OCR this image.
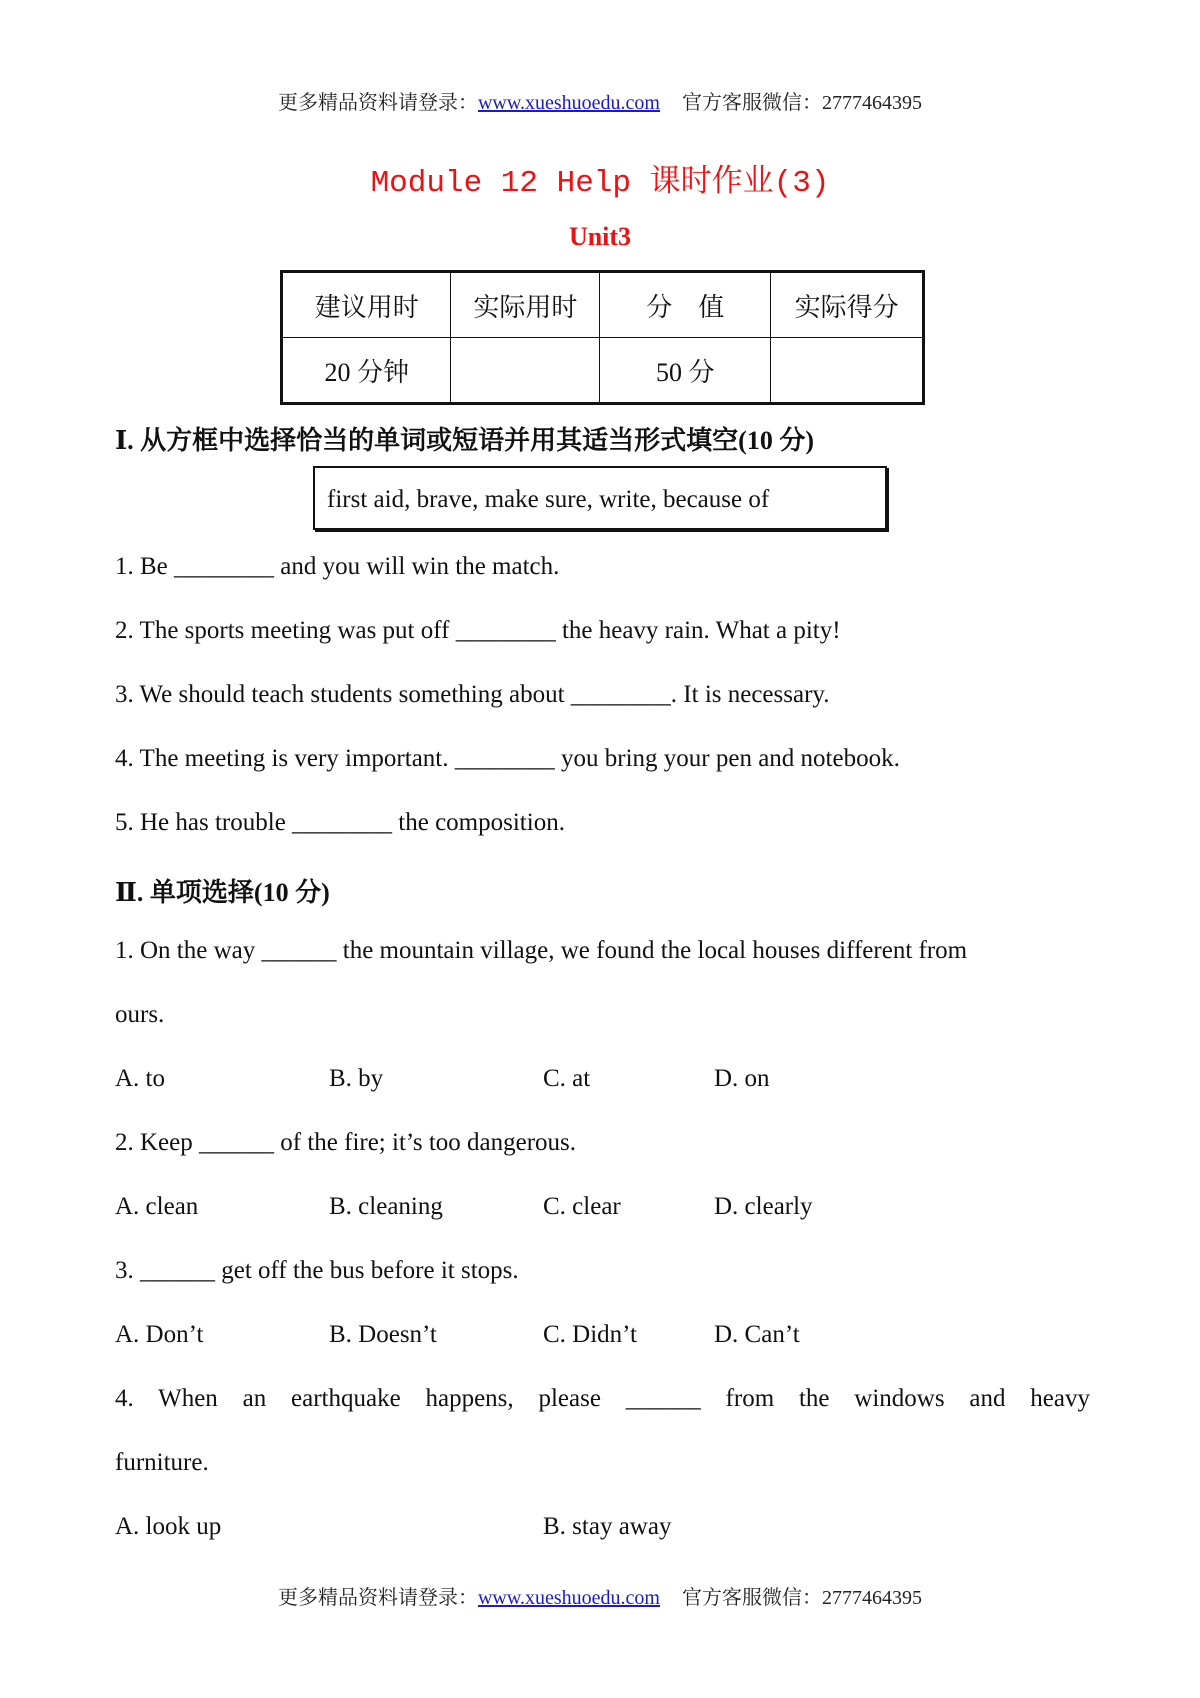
更多精品资料请登录：www.xueshuoedu.com 官方客服微信：2777464395
Module 12 Help 课时作业(3)
Unit3
建议用时	实际用时	分　值	实际得分
20 分钟		50 分	
Ⅰ. 从方框中选择恰当的单词或短语并用其适当形式填空(10 分)
first aid, brave, make sure, write, because of
1. Be ________ and you will win the match.
2. The sports meeting was put off ________ the heavy rain. What a pity!
3. We should teach students something about ________. It is necessary.
4. The meeting is very important. ________ you bring your pen and notebook.
5. He has trouble ________ the composition.
Ⅱ. 单项选择(10 分)
1. On the way ______ the mountain village, we found the local houses different from
ours.
A. to	B. by	C. at	D. on
2. Keep ______ of the fire; it’s too dangerous.
A. clean	B. cleaning	C. clear	D. clearly
3. ______ get off the bus before it stops.
A. Don’t	B. Doesn’t	C. Didn’t	D. Can’t
4. When an earthquake happens, please ______ from the windows and heavy
furniture.
A. look up	B. stay away
更多精品资料请登录：www.xueshuoedu.com 官方客服微信：2777464395
